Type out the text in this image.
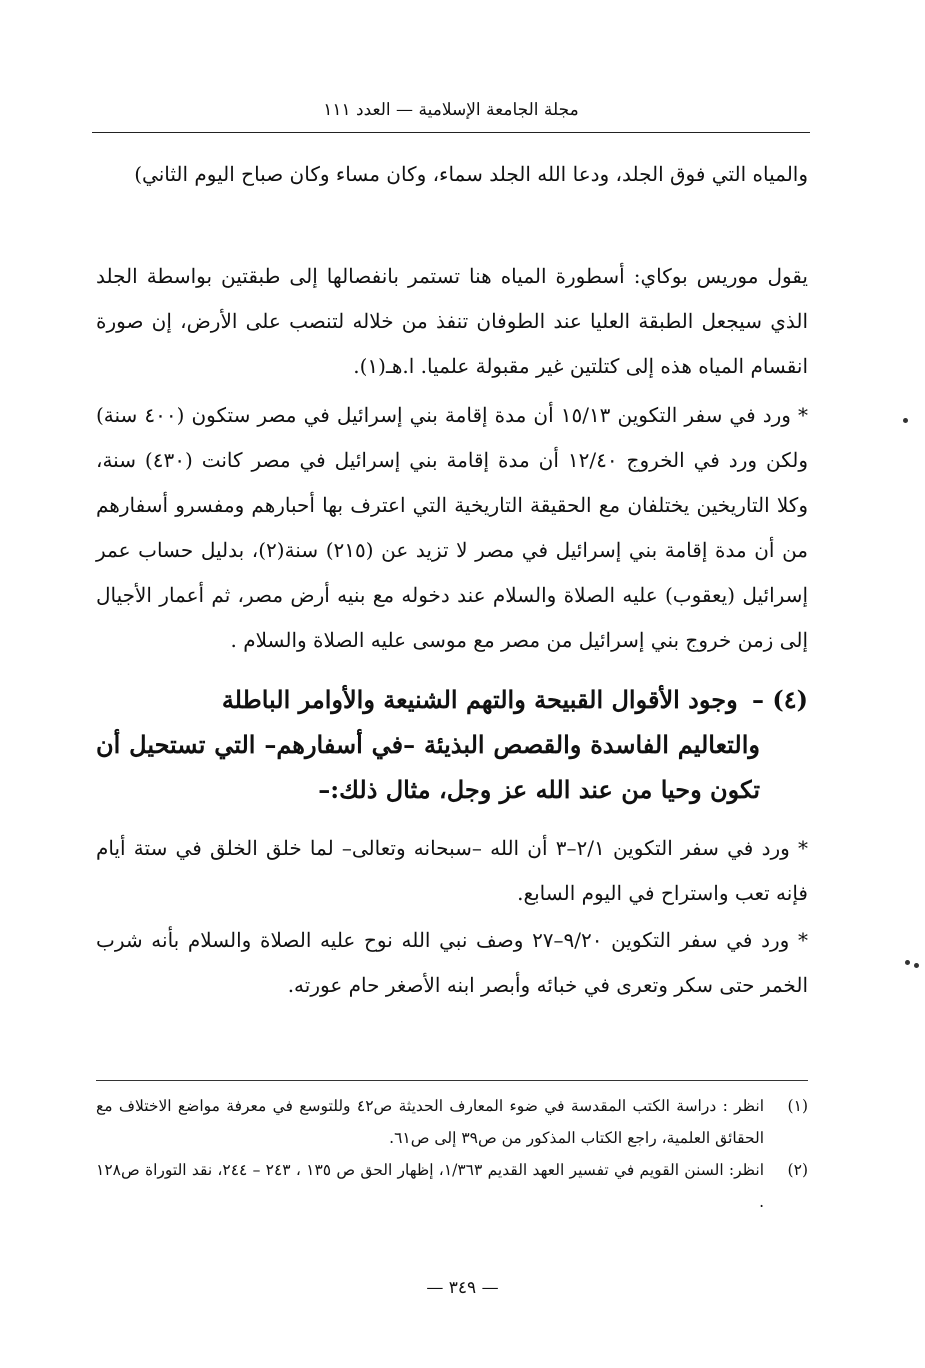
مجلة الجامعة الإسلامية — العدد ١١١

والمياه التي فوق الجلد، ودعا الله الجلد سماء، وكان مساء وكان صباح اليوم الثاني)

يقول موريس بوكاي: أسطورة المياه هنا تستمر بانفصالها إلى طبقتين بواسطة الجلد الذي سيجعل الطبقة العليا عند الطوفان تنفذ من خلاله لتنصب على الأرض، إن صورة انقسام المياه هذه إلى كتلتين غير مقبولة علميا. ا.هـ(١).

* ورد في سفر التكوين ١٥/١٣ أن مدة إقامة بني إسرائيل في مصر ستكون (٤٠٠ سنة) ولكن ورد في الخروج ١٢/٤٠ أن مدة إقامة بني إسرائيل في مصر كانت (٤٣٠) سنة، وكلا التاريخين يختلفان مع الحقيقة التاريخية التي اعترف بها أحبارهم ومفسرو أسفارهم من أن مدة إقامة بني إسرائيل في مصر لا تزيد عن (٢١٥) سنة(٢)، بدليل حساب عمر إسرائيل (يعقوب) عليه الصلاة والسلام عند دخوله مع بنيه أرض مصر، ثم أعمار الأجيال إلى زمن خروج بني إسرائيل من مصر مع موسى عليه الصلاة والسلام .

(٤) – وجود الأقوال القبيحة والتهم الشنيعة والأوامر الباطلة
والتعاليم الفاسدة والقصص البذيئة –في أسفارهم– التي تستحيل أن تكون وحيا من عند الله عز وجل، مثال ذلك:–

* ورد في سفر التكوين ٢/١–٣ أن الله –سبحانه وتعالى– لما خلق الخلق في ستة أيام فإنه تعب واستراح في اليوم السابع.

* ورد في سفر التكوين ٩/٢٠–٢٧ وصف نبي الله نوح عليه الصلاة والسلام بأنه شرب الخمر حتى سكر وتعرى في خبائه وأبصر ابنه الأصغر حام عورته.

(١)
انظر : دراسة الكتب المقدسة في ضوء المعارف الحديثة ص٤٢ وللتوسع في معرفة مواضع الاختلاف مع الحقائق العلمية، راجع الكتاب المذكور من ص٣٩ إلى ص٦١.
(٢)
انظر: السنن القويم في تفسير العهد القديم ١/٣٦٣، إظهار الحق ص ١٣٥ ، ٢٤٣ – ٢٤٤، نقد التوراة ص١٢٨ .
— ٣٤٩ —
